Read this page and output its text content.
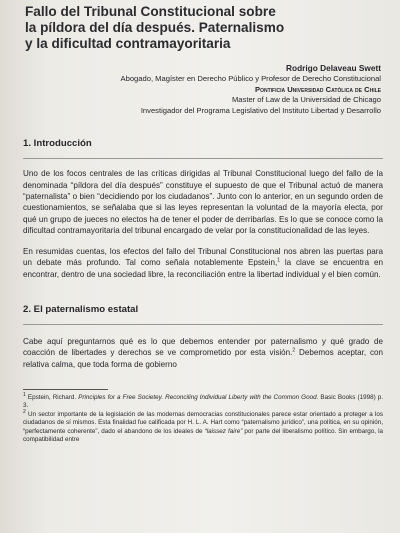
Fallo del Tribunal Constitucional sobre
la píldora del día después. Paternalismo
y la dificultad contramayoritaria
Rodrigo Delaveau Swett
Abogado, Magíster en Derecho Público y Profesor de Derecho Constitucional
Pontificia Universidad Católica de Chile
Master of Law de la Universidad de Chicago
Investigador del Programa Legislativo del Instituto Libertad y Desarrollo
1. Introducción

Uno de los focos centrales de las críticas dirigidas al Tribunal Constitucional luego del fallo de la denominada “píldora del día después” constituye el supuesto de que el Tribunal actuó de manera “paternalista” o bien “decidiendo por los ciudadanos”. Junto con lo anterior, en un segundo orden de cuestionamientos, se señalaba que si las leyes representan la voluntad de la mayoría electa, por qué un grupo de jueces no electos ha de tener el poder de derribarlas. Es lo que se conoce como la dificultad contramayoritaria del tribunal encargado de velar por la constitucionalidad de las leyes.

En resumidas cuentas, los efectos del fallo del Tribunal Constitucional nos abren las puertas para un debate más profundo. Tal como señala notablemente Epstein,$^1$ la clave se encuentra en encontrar, dentro de una sociedad libre, la reconciliación entre la libertad individual y el bien común.

2. El paternalismo estatal

Cabe aquí preguntarnos qué es lo que debemos entender por paternalismo y qué grado de coacción de libertades y derechos se ve comprometido por esta visión.$^2$ Debemos aceptar, con relativa calma, que toda forma de gobierno

$^1$ Epstein, Richard. Principles for a Free Societey. Reconciling Individual Liberty with the Common Good. Basic Books (1998) p. 3.

$^2$ Un sector importante de la legislación de las modernas democracias constitucionales parece estar orientado a proteger a los ciudadanos de sí mismos. Esta finalidad fue calificada por H. L. A. Hart como “paternalismo jurídico”, una política, en su opinión, “perfectamente coherente”, dado el abandono de los ideales de “laissez faire” por parte del liberalismo político. Sin embargo, la compatibilidad entre
